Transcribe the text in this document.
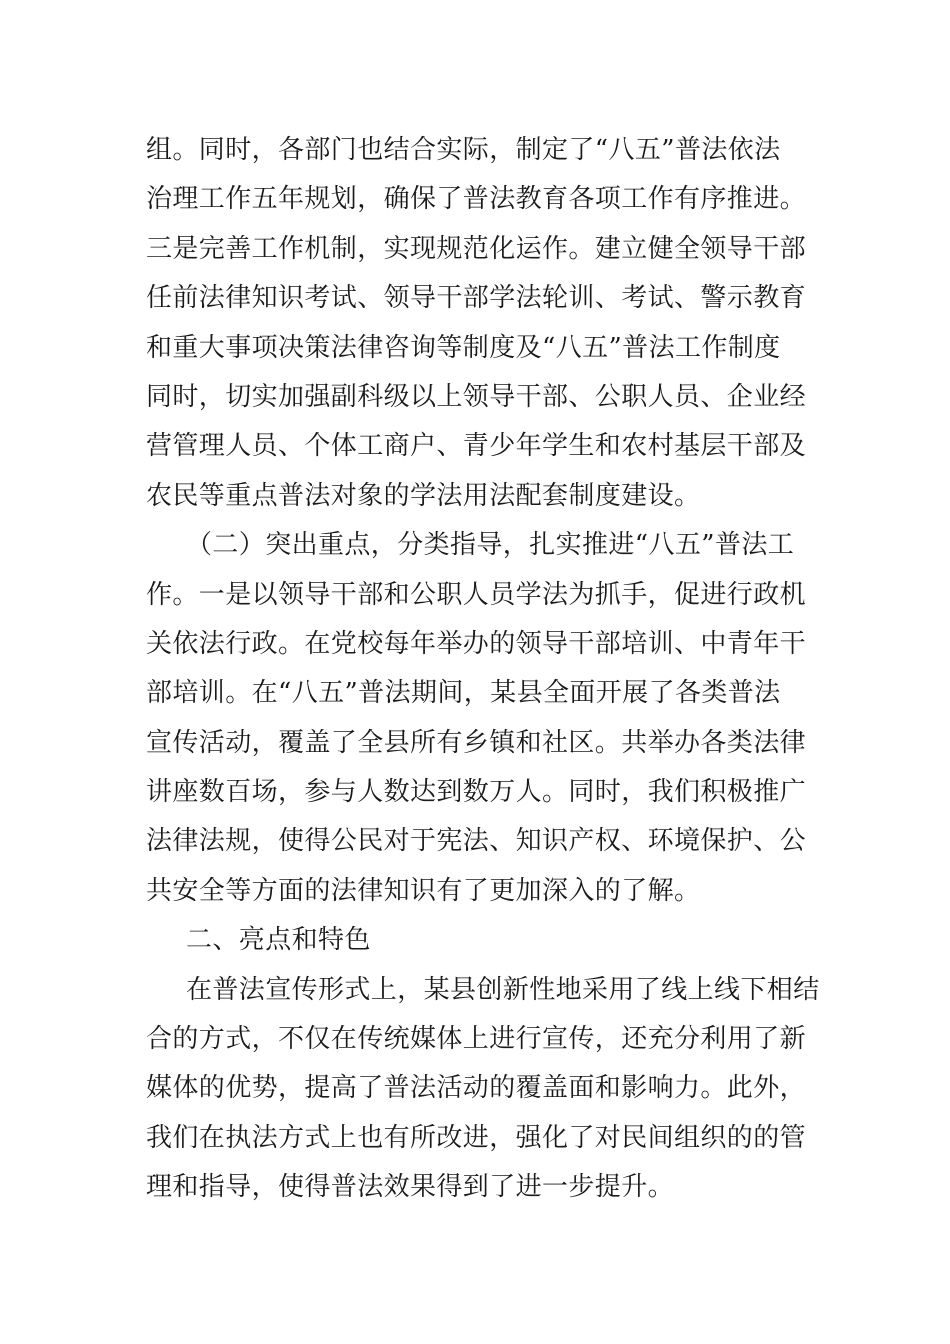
组。同时，各部门也结合实际，制定了“八五”普法依法
治理工作五年规划，确保了普法教育各项工作有序推进。
三是完善工作机制，实现规范化运作。建立健全领导干部
任前法律知识考试、领导干部学法轮训、考试、警示教育
和重大事项决策法律咨询等制度及“八五”普法工作制度
同时，切实加强副科级以上领导干部、公职人员、企业经
营管理人员、个体工商户、青少年学生和农村基层干部及
农民等重点普法对象的学法用法配套制度建设。
（二）突出重点，分类指导，扎实推进“八五”普法工
作。一是以领导干部和公职人员学法为抓手，促进行政机
关依法行政。在党校每年举办的领导干部培训、中青年干
部培训。在“八五”普法期间，某县全面开展了各类普法
宣传活动，覆盖了全县所有乡镇和社区。共举办各类法律
讲座数百场，参与人数达到数万人。同时，我们积极推广
法律法规，使得公民对于宪法、知识产权、环境保护、公
共安全等方面的法律知识有了更加深入的了解。
二、亮点和特色
在普法宣传形式上，某县创新性地采用了线上线下相结
合的方式，不仅在传统媒体上进行宣传，还充分利用了新
媒体的优势，提高了普法活动的覆盖面和影响力。此外，
我们在执法方式上也有所改进，强化了对民间组织的的管
理和指导，使得普法效果得到了进一步提升。
